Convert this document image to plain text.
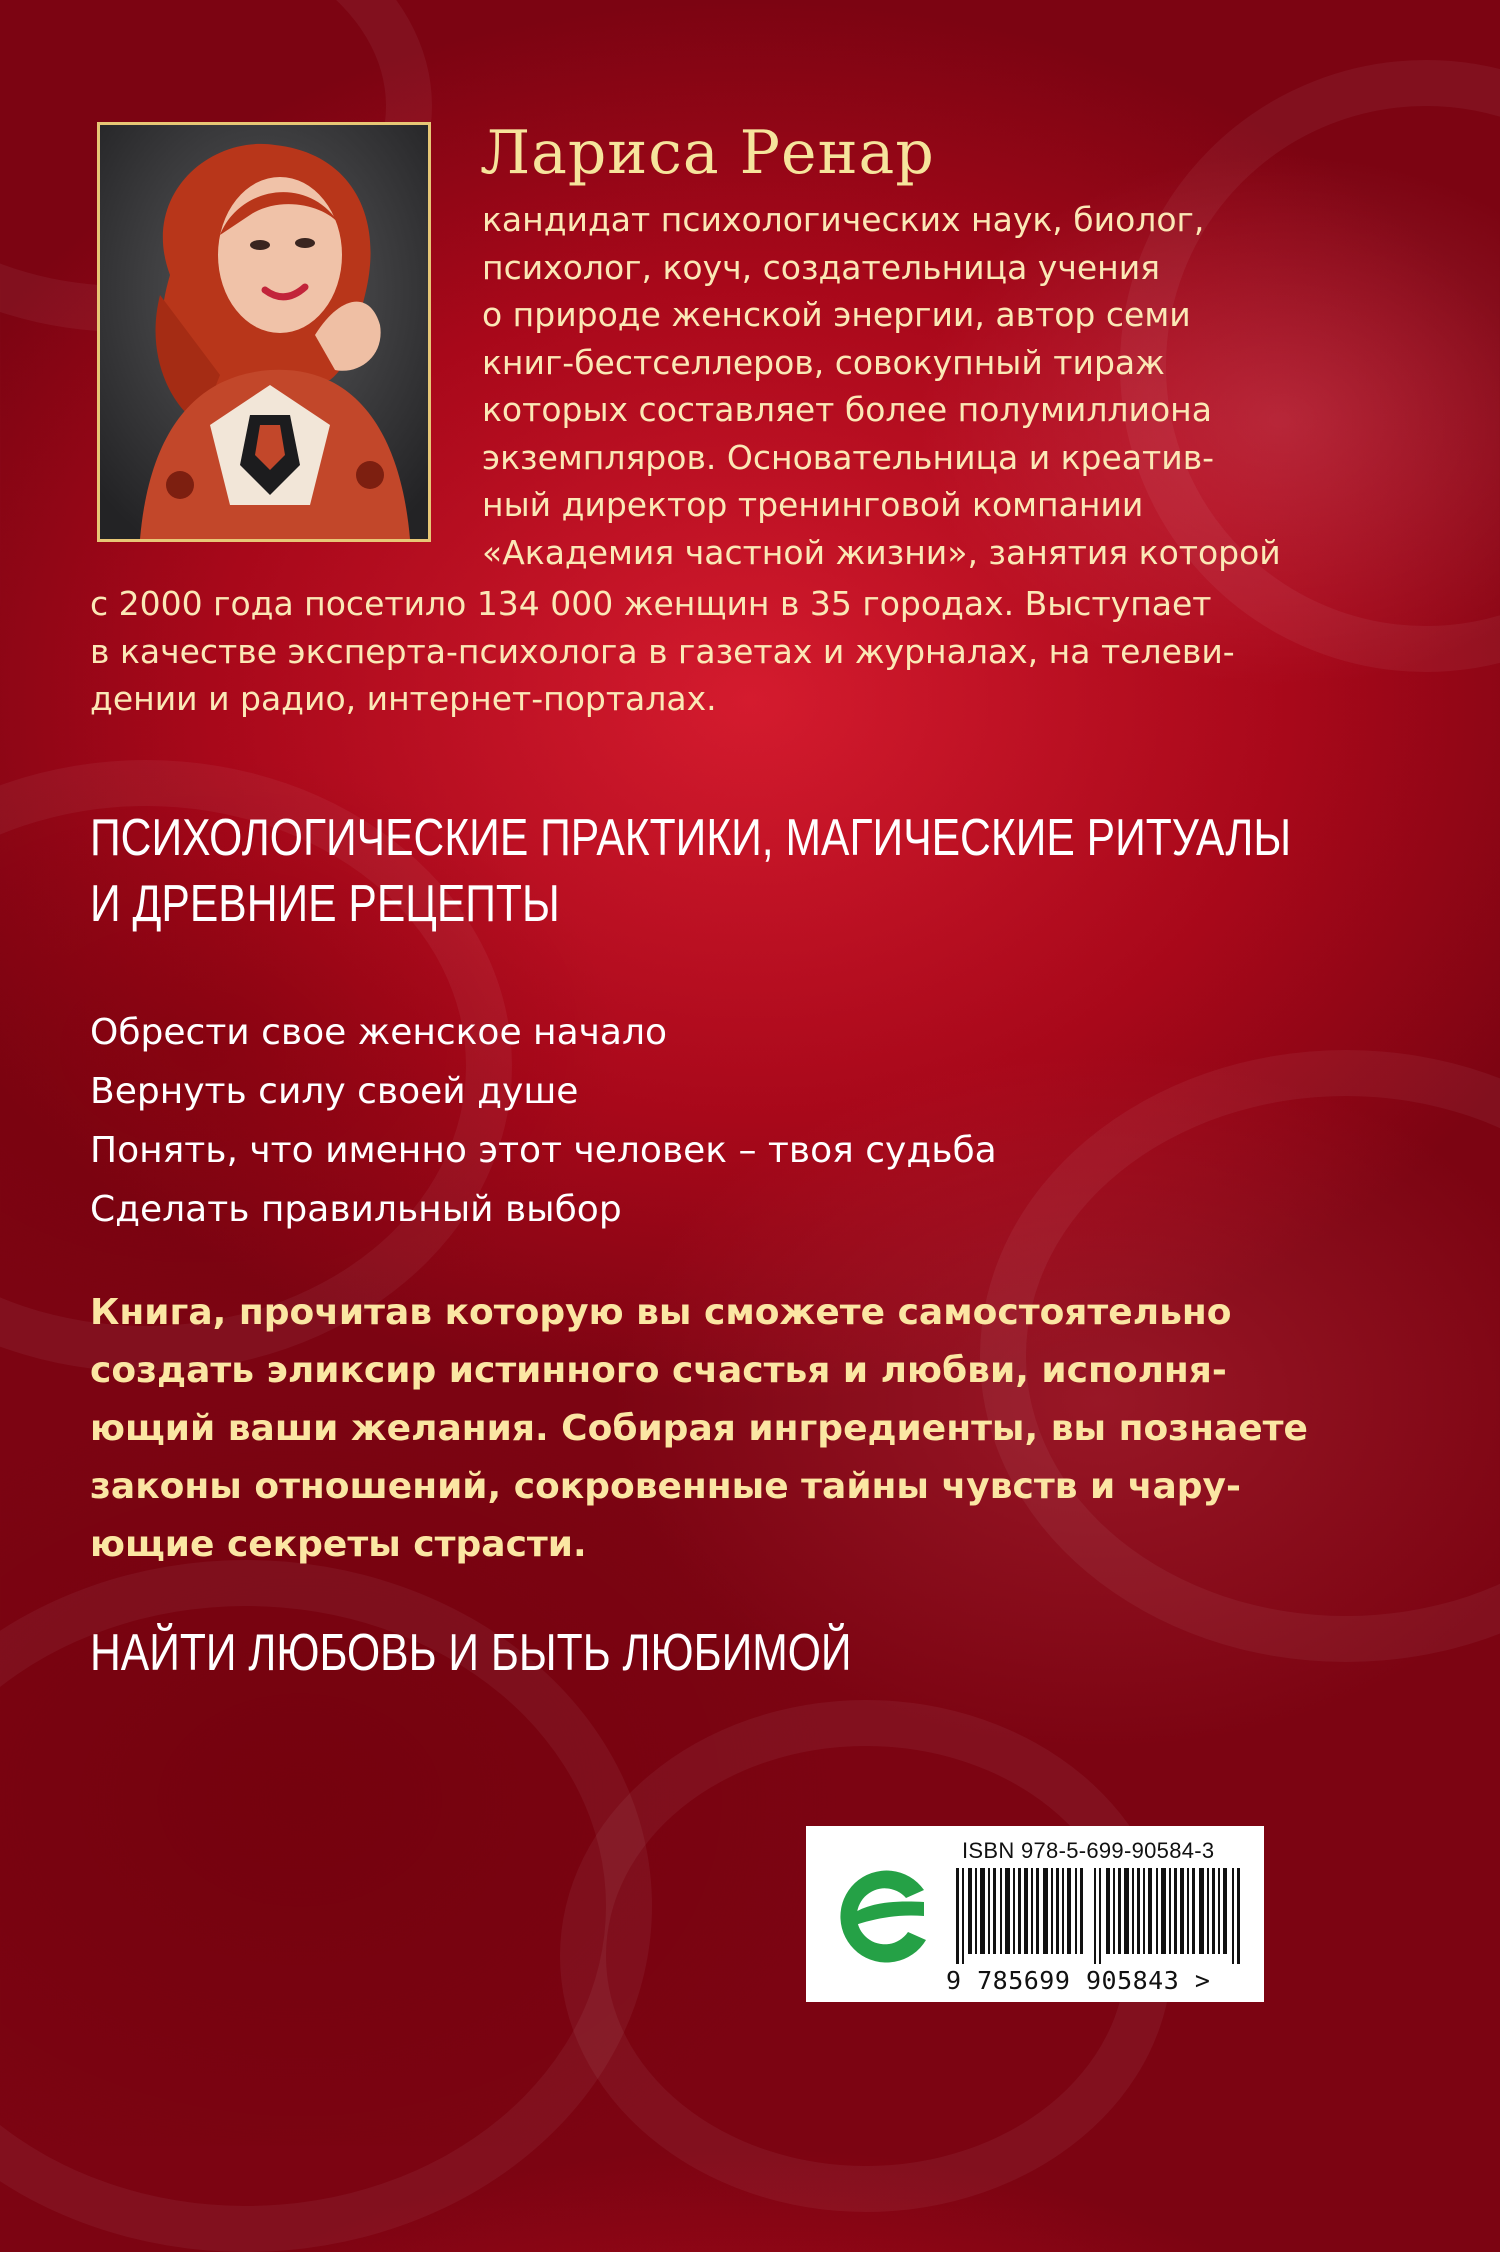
Лариса Ренар
кандидат психологических наук, биолог,
психолог, коуч, создательница учения
о природе женской энергии, автор семи
книг-бестселлеров, совокупный тираж
которых составляет более полумиллиона
экземпляров. Основательница и креатив-
ный директор тренинговой компании
«Академия частной жизни», занятия которой
с 2000 года посетило 134 000 женщин в 35 городах. Выступает
в качестве эксперта-психолога в газетах и журналах, на телеви-
дении и радио, интернет-порталах.
ПСИХОЛОГИЧЕСКИЕ ПРАКТИКИ, МАГИЧЕСКИЕ РИТУАЛЫ
И ДРЕВНИЕ РЕЦЕПТЫ
Обрести свое женское начало
Вернуть силу своей душе
Понять, что именно этот человек – твоя судьба
Сделать правильный выбор
Книга, прочитав которую вы сможете самостоятельно
создать эликсир истинного счастья и любви, исполня-
ющий ваши желания. Собирая ингредиенты, вы познаете
законы отношений, сокровенные тайны чувств и чару-
ющие секреты страсти.
НАЙТИ ЛЮБОВЬ И БЫТЬ ЛЮБИМОЙ
ISBN 978-5-699-90584-3
9 785699 905843 >
